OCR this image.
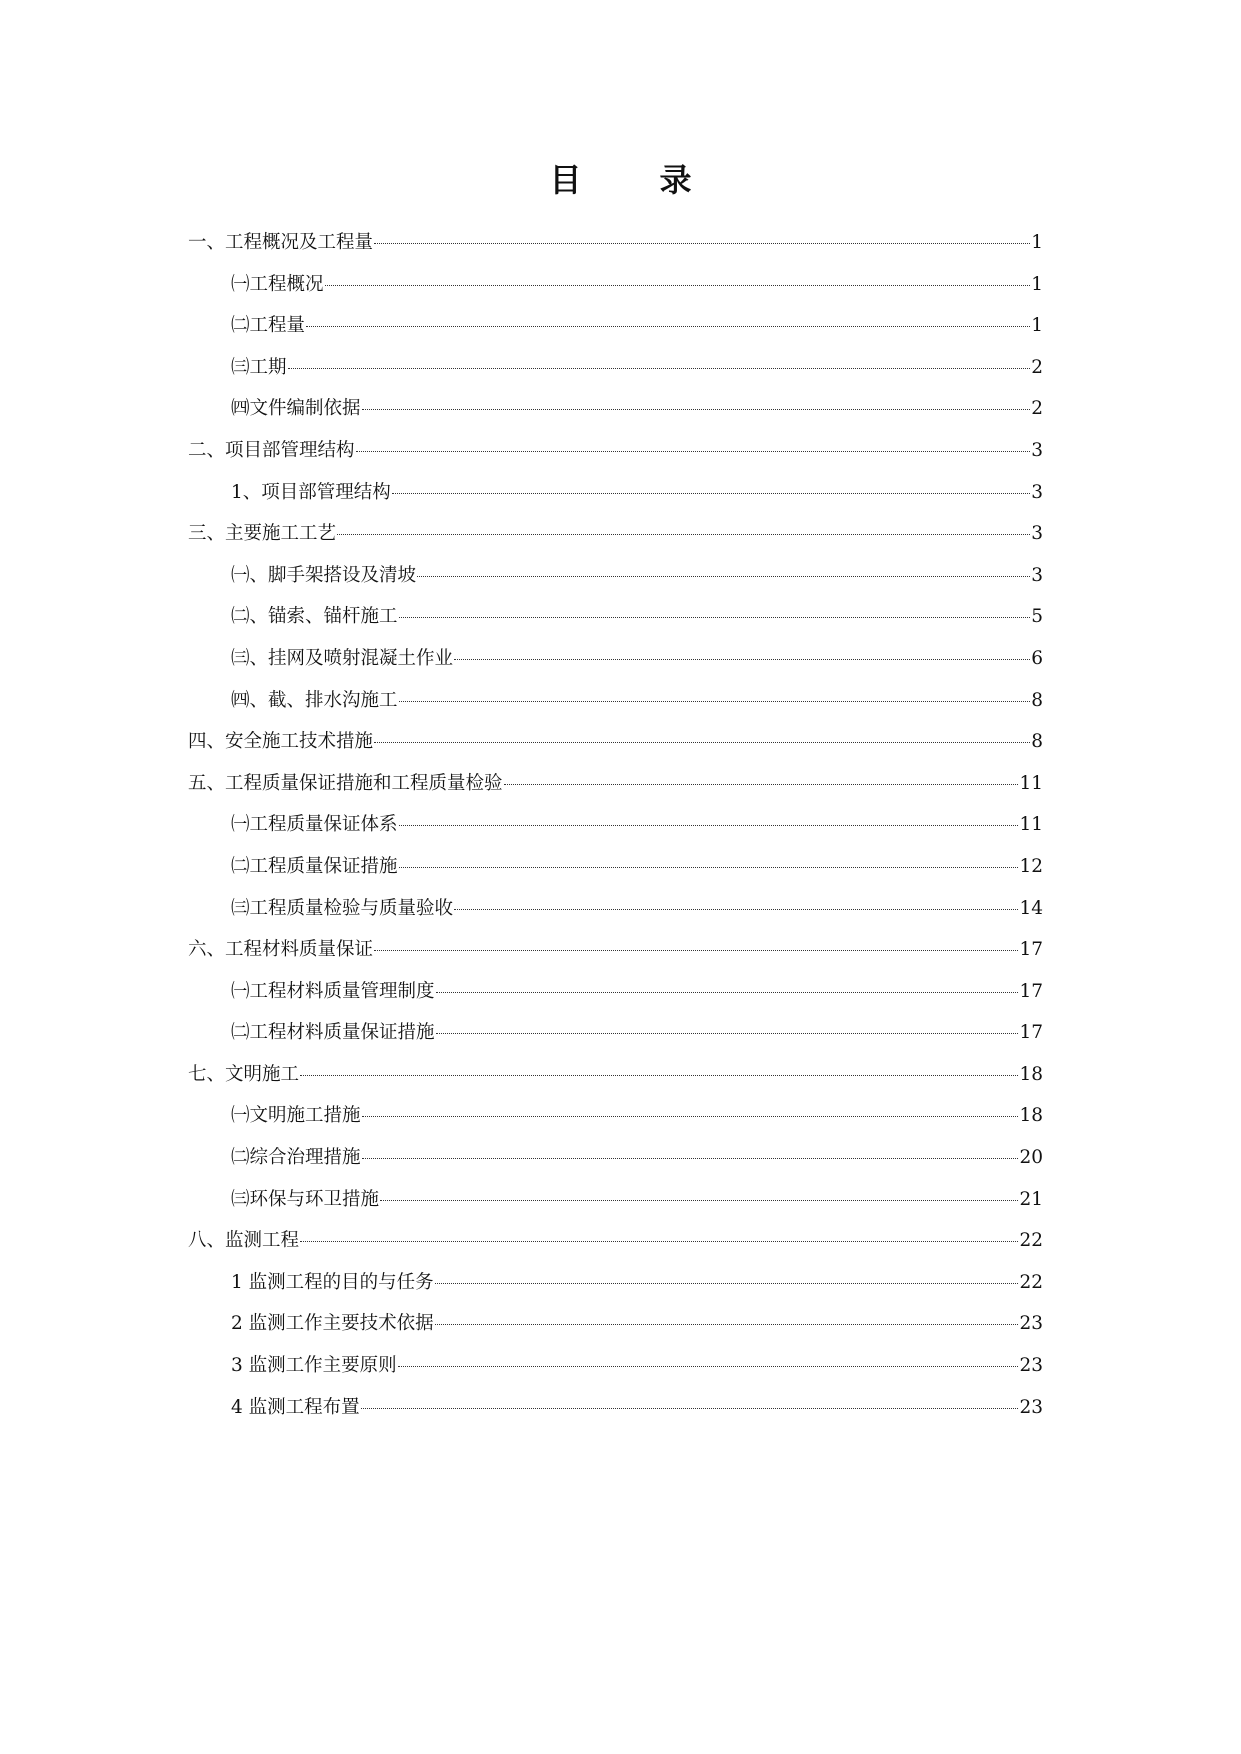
目 录
一、工程概况及工程量	1
㈠工程概况	1
㈡工程量	1
㈢工期	2
㈣文件编制依据	2
二、项目部管理结构	3
1、项目部管理结构	3
三、主要施工工艺	3
㈠、脚手架搭设及清坡	3
㈡、锚索、锚杆施工	5
㈢、挂网及喷射混凝土作业	6
㈣、截、排水沟施工	8
四、安全施工技术措施	8
五、工程质量保证措施和工程质量检验	11
㈠工程质量保证体系	11
㈡工程质量保证措施	12
㈢工程质量检验与质量验收	14
六、工程材料质量保证	17
㈠工程材料质量管理制度	17
㈡工程材料质量保证措施	17
七、文明施工	18
㈠文明施工措施	18
㈡综合治理措施	20
㈢环保与环卫措施	21
八、监测工程	22
1 监测工程的目的与任务	22
2 监测工作主要技术依据	23
3 监测工作主要原则	23
4 监测工程布置	23
